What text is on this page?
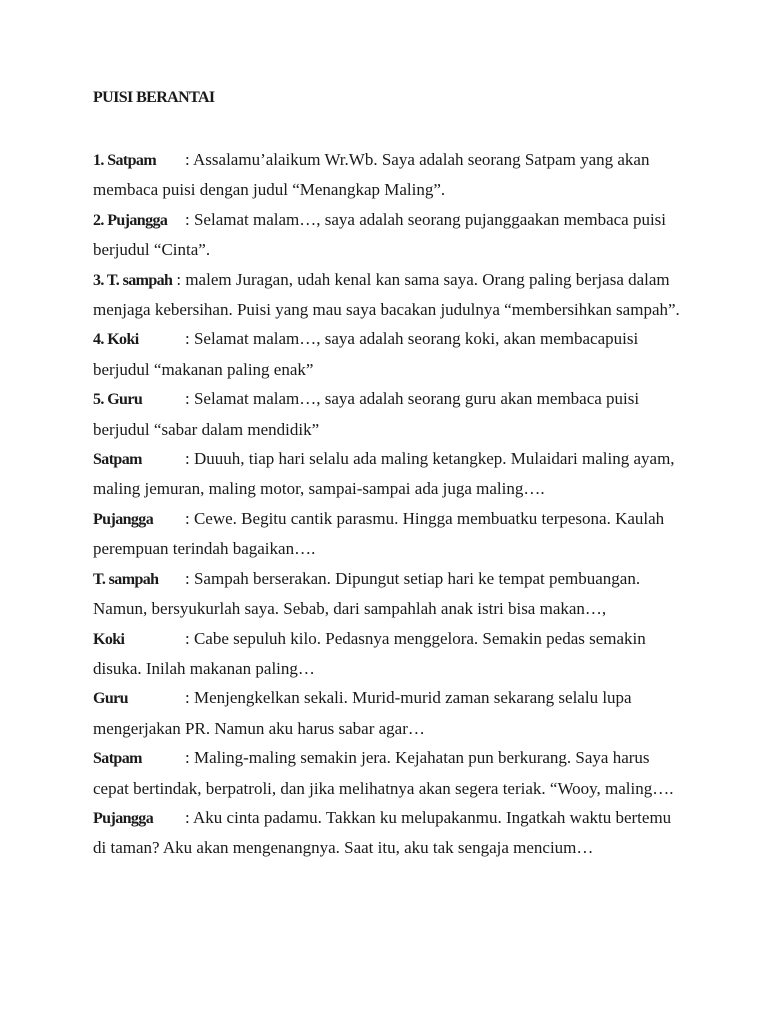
PUISI BERANTAI

1. Satpam : Assalamu’alaikum Wr.Wb. Saya adalah seorang Satpam yang akan membaca puisi dengan judul “Menangkap Maling”.

2. Pujangga : Selamat malam…, saya adalah seorang pujanggaakan membaca puisi berjudul “Cinta”.

3. T. sampah : malem Juragan, udah kenal kan sama saya. Orang paling berjasa dalam menjaga kebersihan. Puisi yang mau saya bacakan judulnya “membersihkan sampah”.

4. Koki	: Selamat malam…, saya adalah seorang koki, akan membacapuisi berjudul “makanan paling enak”

5. Guru	: Selamat malam…, saya adalah seorang guru akan membaca puisi berjudul “sabar dalam mendidik”

Satpam	: Duuuh, tiap hari selalu ada maling ketangkep. Mulaidari maling ayam, maling jemuran, maling motor, sampai-sampai ada juga maling….

Pujangga : Cewe. Begitu cantik parasmu. Hingga membuatku terpesona. Kaulah perempuan terindah bagaikan….

T. sampah : Sampah berserakan. Dipungut setiap hari ke tempat pembuangan. Namun, bersyukurlah saya. Sebab, dari sampahlah anak istri bisa makan…,

Koki	: Cabe sepuluh kilo. Pedasnya menggelora. Semakin pedas semakin disuka. Inilah makanan paling…

Guru	: Menjengkelkan sekali. Murid-murid zaman sekarang selalu lupa mengerjakan PR. Namun aku harus sabar agar…

Satpam	: Maling-maling semakin jera. Kejahatan pun berkurang. Saya harus cepat bertindak, berpatroli, dan jika melihatnya akan segera teriak. “Wooy, maling….

Pujangga : Aku cinta padamu. Takkan ku melupakanmu. Ingatkah waktu bertemu di taman? Aku akan mengenangnya. Saat itu, aku tak sengaja mencium…
